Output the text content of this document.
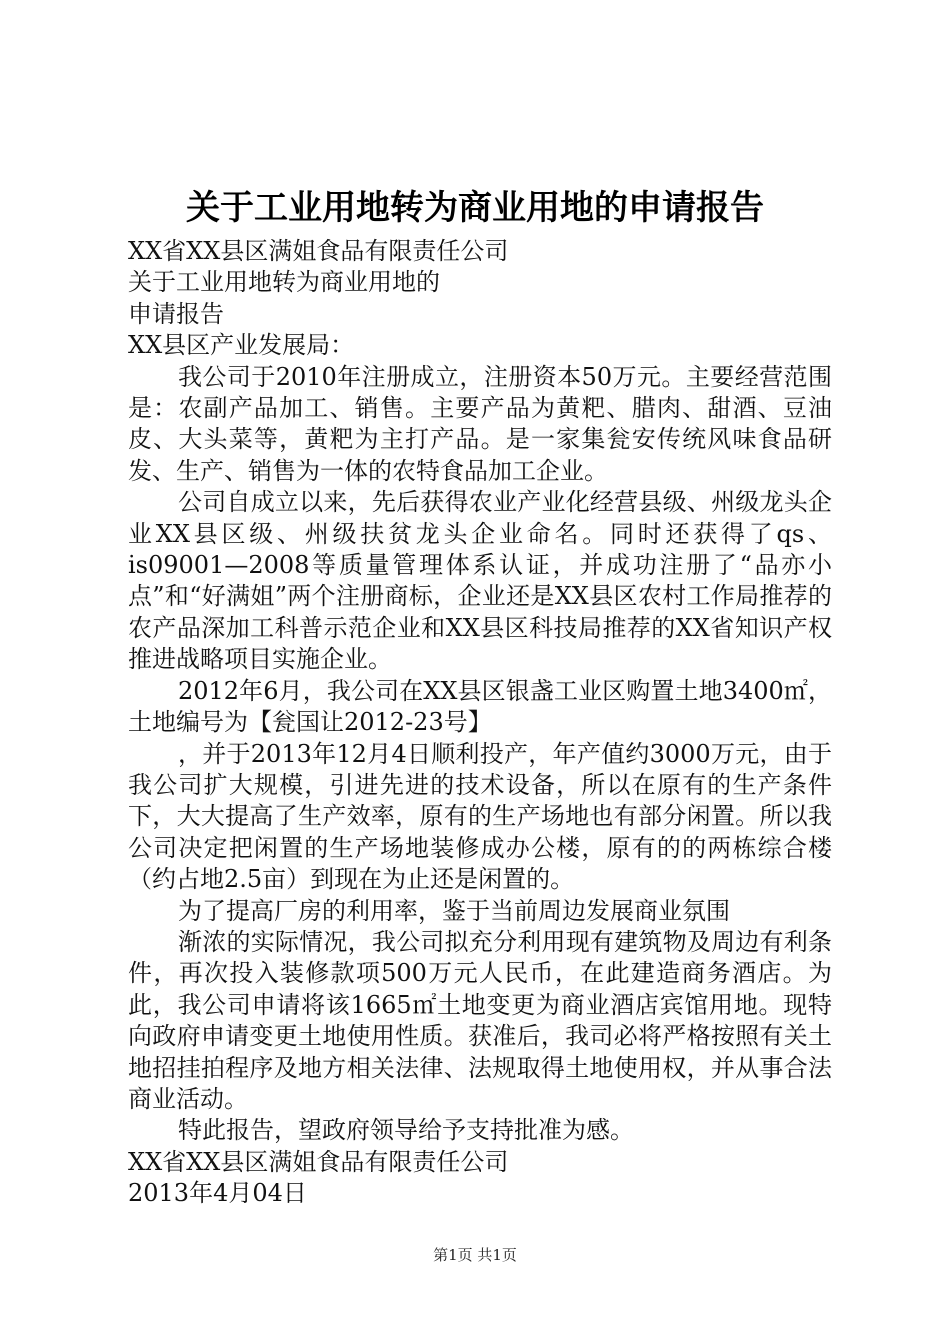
关于工业用地转为商业用地的申请报告

XX省XX县区满姐食品有限责任公司

关于工业用地转为商业用地的

申请报告

XX县区产业发展局：

我公司于2010年注册成立，注册资本50万元。主要经营范围是：农副产品加工、销售。主要产品为黄粑、腊肉、甜酒、豆油皮、大头菜等，黄粑为主打产品。是一家集瓮安传统风味食品研发、生产、销售为一体的农特食品加工企业。

公司自成立以来，先后获得农业产业化经营县级、州级龙头企业XX县区级、州级扶贫龙头企业命名。同时还获得了qs、is09001—2008等质量管理体系认证，并成功注册了“品亦小点”和“好满姐”两个注册商标，企业还是XX县区农村工作局推荐的农产品深加工科普示范企业和XX县区科技局推荐的XX省知识产权推进战略项目实施企业。

2012年6月，我公司在XX县区银盏工业区购置土地3400㎡，土地编号为【瓮国让2012-23号】

，并于2013年12月4日顺利投产，年产值约3000万元，由于我公司扩大规模，引进先进的技术设备，所以在原有的生产条件下，大大提高了生产效率，原有的生产场地也有部分闲置。所以我公司决定把闲置的生产场地装修成办公楼，原有的的两栋综合楼（约占地2.5亩）到现在为止还是闲置的。

为了提高厂房的利用率，鉴于当前周边发展商业氛围

渐浓的实际情况，我公司拟充分利用现有建筑物及周边有利条件，再次投入装修款项500万元人民币，在此建造商务酒店。为此，我公司申请将该1665㎡土地变更为商业酒店宾馆用地。现特向政府申请变更土地使用性质。获准后，我司必将严格按照有关土地招挂拍程序及地方相关法律、法规取得土地使用权，并从事合法商业活动。

特此报告，望政府领导给予支持批准为感。

XX省XX县区满姐食品有限责任公司

2013年4月04日

第1页 共1页
